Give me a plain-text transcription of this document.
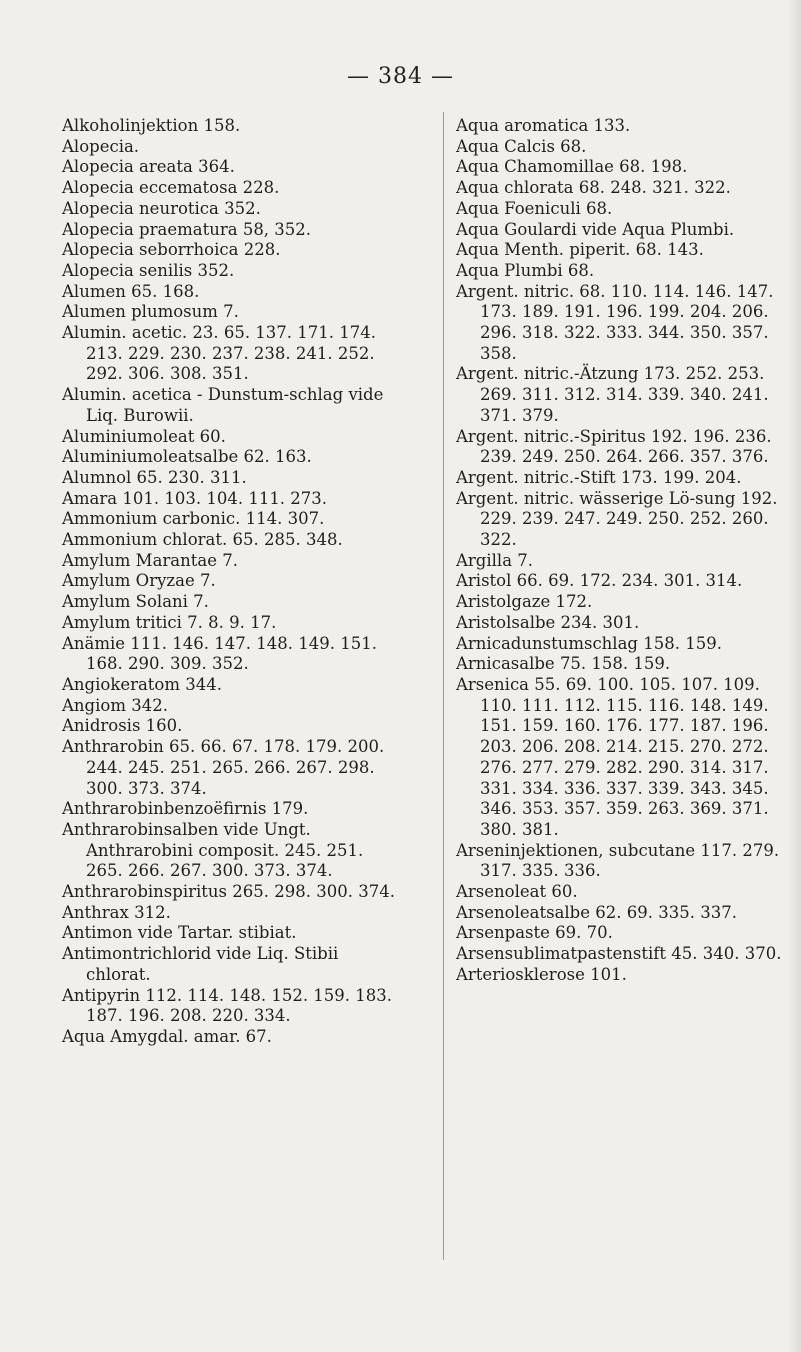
— 384 —
Alkoholinjektion 158.
Alopecia.
Alopecia areata 364.
Alopecia eccematosa 228.
Alopecia neurotica 352.
Alopecia praematura 58, 352.
Alopecia seborrhoica 228.
Alopecia senilis 352.
Alumen 65. 168.
Alumen plumosum 7.
Alumin. acetic. 23. 65. 137. 171. 174. 213. 229. 230. 237. 238. 241. 252. 292. 306. 308. 351.
Alumin. acetica - Dunstum-schlag vide Liq. Burowii.
Aluminiumoleat 60.
Aluminiumoleatsalbe 62. 163.
Alumnol 65. 230. 311.
Amara 101. 103. 104. 111. 273.
Ammonium carbonic. 114. 307.
Ammonium chlorat. 65. 285. 348.
Amylum Marantae 7.
Amylum Oryzae 7.
Amylum Solani 7.
Amylum tritici 7. 8. 9. 17.
Anämie 111. 146. 147. 148. 149. 151. 168. 290. 309. 352.
Angiokeratom 344.
Angiom 342.
Anidrosis 160.
Anthrarobin 65. 66. 67. 178. 179. 200. 244. 245. 251. 265. 266. 267. 298. 300. 373. 374.
Anthrarobinbenzoëfirnis 179.
Anthrarobinsalben vide Ungt. Anthrarobini composit. 245. 251. 265. 266. 267. 300. 373. 374.
Anthrarobinspiritus 265. 298. 300. 374.
Anthrax 312.
Antimon vide Tartar. stibiat.
Antimontrichlorid vide Liq. Stibii chlorat.
Antipyrin 112. 114. 148. 152. 159. 183. 187. 196. 208. 220. 334.
Aqua Amygdal. amar. 67.
Aqua aromatica 133.
Aqua Calcis 68.
Aqua Chamomillae 68. 198.
Aqua chlorata 68. 248. 321. 322.
Aqua Foeniculi 68.
Aqua Goulardi vide Aqua Plumbi.
Aqua Menth. piperit. 68. 143.
Aqua Plumbi 68.
Argent. nitric. 68. 110. 114. 146. 147. 173. 189. 191. 196. 199. 204. 206. 296. 318. 322. 333. 344. 350. 357. 358.
Argent. nitric.-Ätzung 173. 252. 253. 269. 311. 312. 314. 339. 340. 241. 371. 379.
Argent. nitric.-Spiritus 192. 196. 236. 239. 249. 250. 264. 266. 357. 376.
Argent. nitric.-Stift 173. 199. 204.
Argent. nitric. wässerige Lö-sung 192. 229. 239. 247. 249. 250. 252. 260. 322.
Argilla 7.
Aristol 66. 69. 172. 234. 301. 314.
Aristolgaze 172.
Aristolsalbe 234. 301.
Arnicadunstumschlag 158. 159.
Arnicasalbe 75. 158. 159.
Arsenica 55. 69. 100. 105. 107. 109. 110. 111. 112. 115. 116. 148. 149. 151. 159. 160. 176. 177. 187. 196. 203. 206. 208. 214. 215. 270. 272. 276. 277. 279. 282. 290. 314. 317. 331. 334. 336. 337. 339. 343. 345. 346. 353. 357. 359. 263. 369. 371. 380. 381.
Arseninjektionen, subcutane 117. 279. 317. 335. 336.
Arsenoleat 60.
Arsenoleatsalbe 62. 69. 335. 337.
Arsenpaste 69. 70.
Arsensublimatpastenstift 45. 340. 370.
Arteriosklerose 101.
